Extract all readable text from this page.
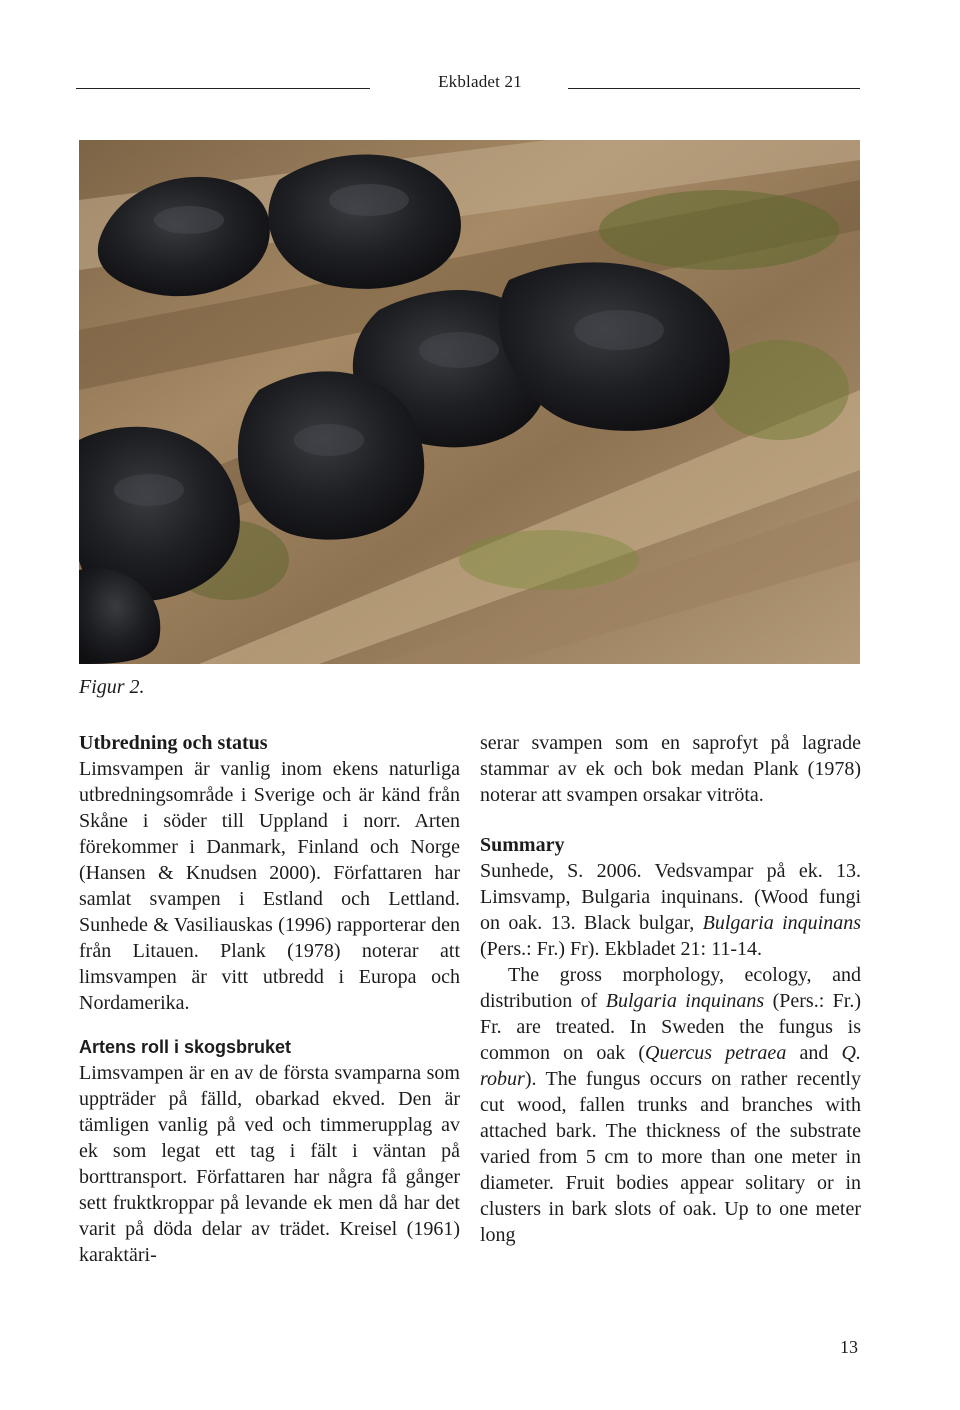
Ekbladet 21
Figur 2.
Utbredning och status

Limsvampen är vanlig inom ekens naturliga utbredningsområde i Sverige och är känd från Skåne i söder till Uppland i norr. Arten förekommer i Danmark, Finland och Norge (Hansen & Knudsen 2000). Författaren har samlat svampen i Estland och Lettland. Sunhede & Vasiliauskas (1996) rapporterar den från Litauen. Plank (1978) noterar att limsvampen är vitt utbredd i Europa och Nordamerika.

Artens roll i skogsbruket

Limsvampen är en av de första svamparna som uppträder på fälld, obarkad ekved. Den är tämligen vanlig på ved och timmerupplag av ek som legat ett tag i fält i väntan på borttransport. Författaren har några få gånger sett fruktkroppar på levande ek men då har det varit på döda delar av trädet. Kreisel (1961) karaktäri-

serar svampen som en saprofyt på lagrade stammar av ek och bok medan Plank (1978) noterar att svampen orsakar vitröta.

Summary

Sunhede, S. 2006. Vedsvampar på ek. 13. Limsvamp, Bulgaria inquinans. (Wood fungi on oak. 13. Black bulgar, Bulgaria inquinans (Pers.: Fr.) Fr). Ekbladet 21: 11-14.

The gross morphology, ecology, and distribution of Bulgaria inquinans (Pers.: Fr.) Fr. are treated. In Sweden the fungus is common on oak (Quercus petraea and Q. robur). The fungus occurs on rather recently cut wood, fallen trunks and branches with attached bark. The thickness of the substrate varied from 5 cm to more than one meter in diameter. Fruit bodies appear solitary or in clusters in bark slots of oak. Up to one meter long

13
